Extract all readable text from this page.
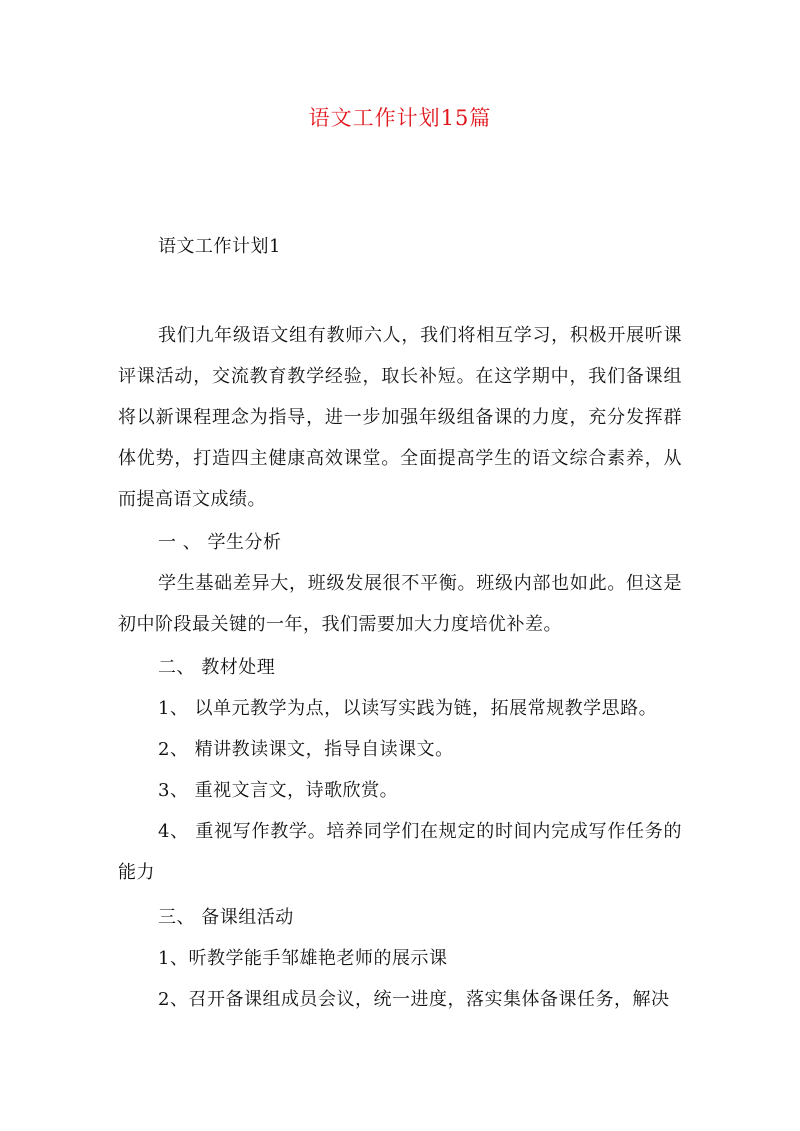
语文工作计划15篇

语文工作计划1

我们九年级语文组有教师六人，我们将相互学习，积极开展听课评课活动，交流教育教学经验，取长补短。在这学期中，我们备课组将以新课程理念为指导，进一步加强年级组备课的力度，充分发挥群体优势，打造四主健康高效课堂。全面提高学生的语文综合素养，从而提高语文成绩。

一 、 学生分析

学生基础差异大，班级发展很不平衡。班级内部也如此。但这是初中阶段最关键的一年，我们需要加大力度培优补差。

二、 教材处理

1、 以单元教学为点，以读写实践为链，拓展常规教学思路。

2、 精讲教读课文，指导自读课文。

3、 重视文言文，诗歌欣赏。

4、 重视写作教学。培养同学们在规定的时间内完成写作任务的能力

三、 备课组活动

1、听教学能手邹雄艳老师的展示课

2、召开备课组成员会议，统一进度，落实集体备课任务，解决
